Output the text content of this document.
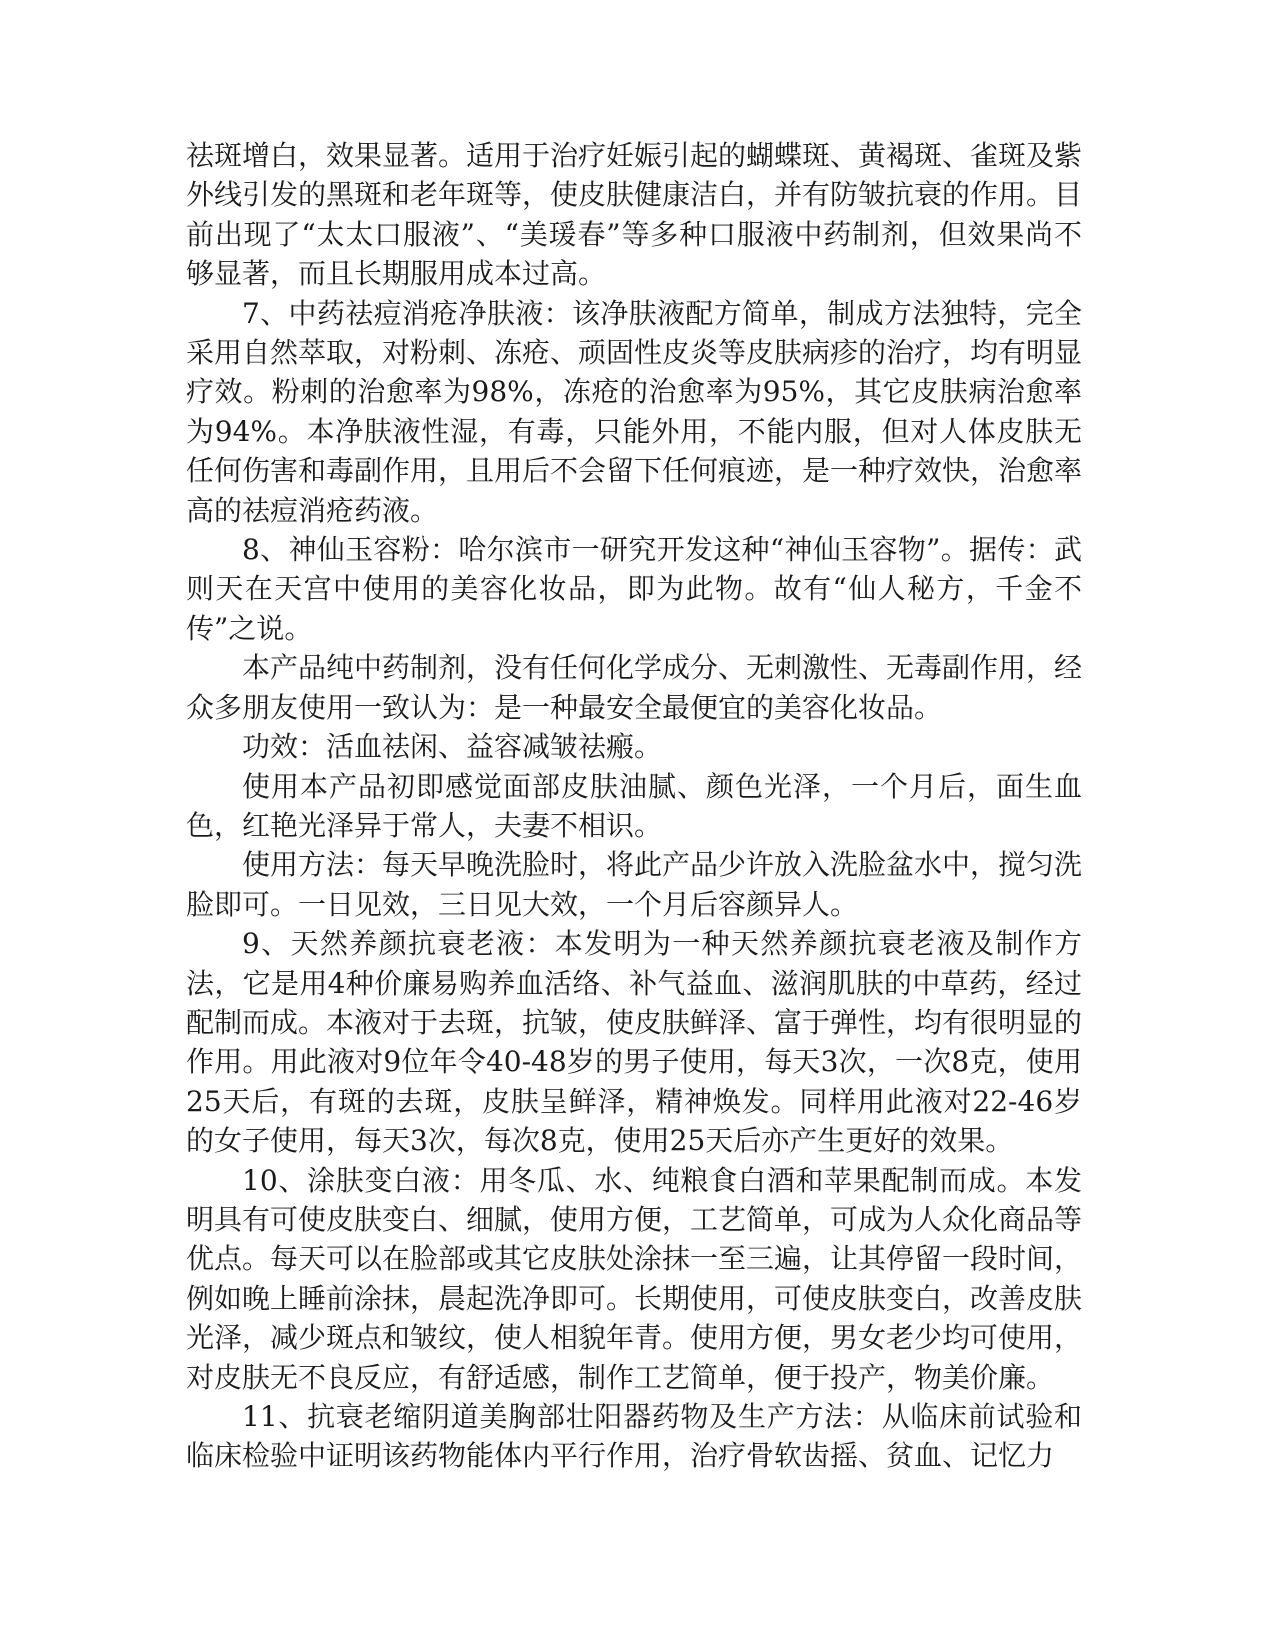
祛斑增白，效果显著。适用于治疗妊娠引起的蝴蝶斑、黄褐斑、雀斑及紫外线引发的黑斑和老年斑等，使皮肤健康洁白，并有防皱抗衰的作用。目前出现了“太太口服液”、“美瑗春”等多种口服液中药制剂，但效果尚不够显著，而且长期服用成本过高。

7、中药祛痘消疮净肤液：该净肤液配方简单，制成方法独特，完全采用自然萃取，对粉刺、冻疮、顽固性皮炎等皮肤病疹的治疗，均有明显疗效。粉刺的治愈率为98%，冻疮的治愈率为95%，其它皮肤病治愈率为94%。本净肤液性湿，有毒，只能外用，不能内服，但对人体皮肤无任何伤害和毒副作用，且用后不会留下任何痕迹，是一种疗效快，治愈率高的祛痘消疮药液。

8、神仙玉容粉：哈尔滨市一研究开发这种“神仙玉容物”。据传：武则天在天宫中使用的美容化妆品，即为此物。故有“仙人秘方，千金不传”之说。

本产品纯中药制剂，没有任何化学成分、无刺激性、无毒副作用，经众多朋友使用一致认为：是一种最安全最便宜的美容化妆品。

功效：活血祛闲、益容减皱祛瘢。

使用本产品初即感觉面部皮肤油腻、颜色光泽，一个月后，面生血色，红艳光泽异于常人，夫妻不相识。

使用方法：每天早晚洗脸时，将此产品少许放入洗脸盆水中，搅匀洗脸即可。一日见效，三日见大效，一个月后容颜异人。

9、天然养颜抗衰老液：本发明为一种天然养颜抗衰老液及制作方法，它是用4种价廉易购养血活络、补气益血、滋润肌肤的中草药，经过配制而成。本液对于去斑，抗皱，使皮肤鲜泽、富于弹性，均有很明显的作用。用此液对9位年令40-48岁的男子使用，每天3次，一次8克，使用25天后，有斑的去斑，皮肤呈鲜泽，精神焕发。同样用此液对22-46岁的女子使用，每天3次，每次8克，使用25天后亦产生更好的效果。

10、涂肤变白液：用冬瓜、水、纯粮食白酒和苹果配制而成。本发明具有可使皮肤变白、细腻，使用方便，工艺简单，可成为人众化商品等优点。每天可以在脸部或其它皮肤处涂抹一至三遍，让其停留一段时间，例如晚上睡前涂抹，晨起洗净即可。长期使用，可使皮肤变白，改善皮肤光泽，减少斑点和皱纹，使人相貌年青。使用方便，男女老少均可使用，对皮肤无不良反应，有舒适感，制作工艺简单，便于投产，物美价廉。

11、抗衰老缩阴道美胸部壮阳器药物及生产方法：从临床前试验和临床检验中证明该药物能体内平行作用，治疗骨软齿摇、贫血、记忆力
